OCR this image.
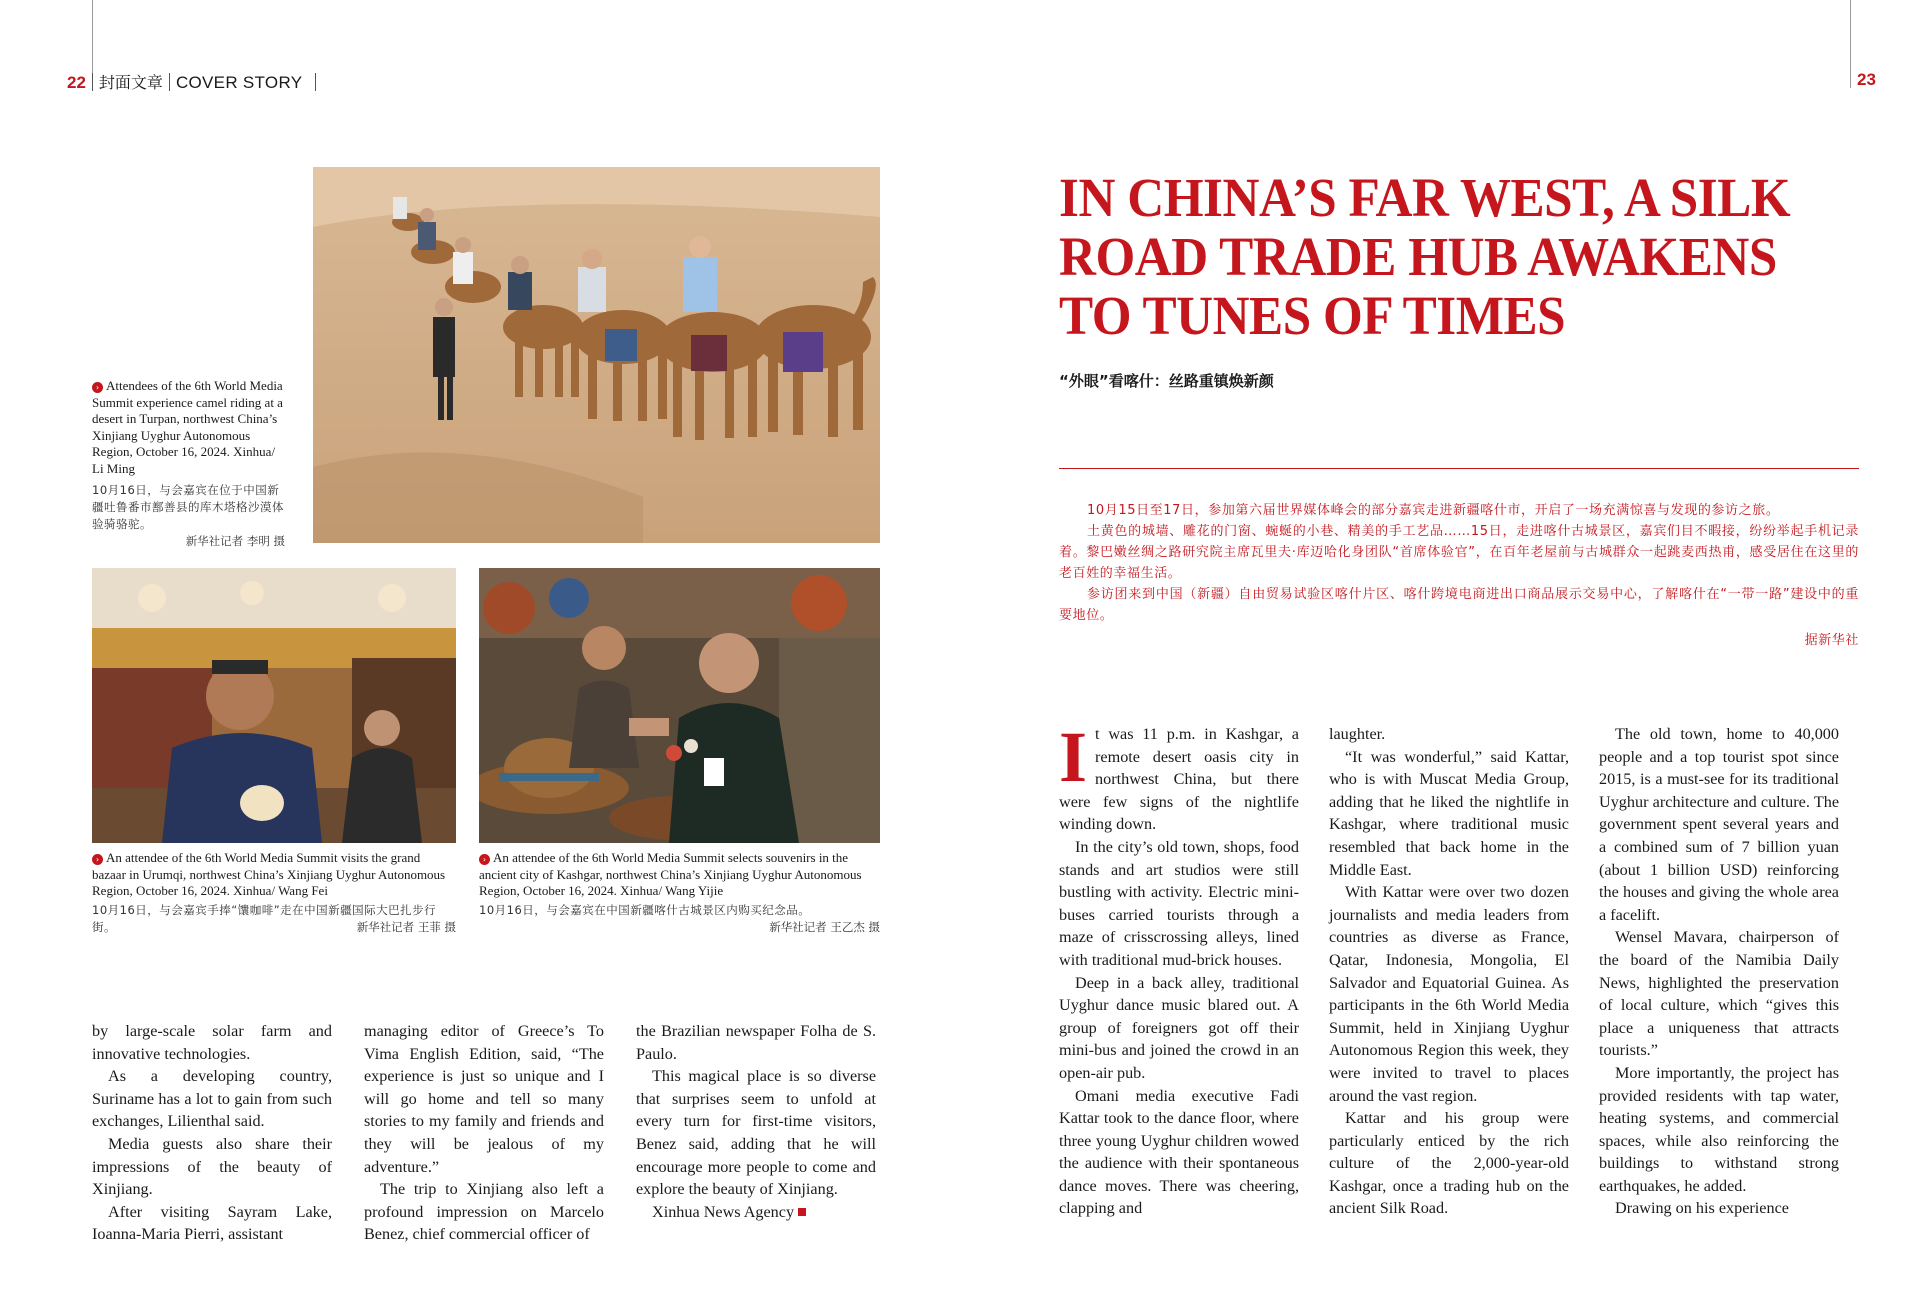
22 封面文章 COVER STORY	23
› Attendees of the 6th World Media Summit experience camel riding at a desert in Turpan, northwest China’s Xinjiang Uyghur Autonomous Region, October 16, 2024. Xinhua/ Li Ming
10月16日，与会嘉宾在位于中国新疆吐鲁番市鄯善县的库木塔格沙漠体验骑骆驼。
新华社记者 李明 摄
› An attendee of the 6th World Media Summit visits the grand bazaar in Urumqi, northwest China’s Xinjiang Uyghur Autonomous Region, October 16, 2024. Xinhua/ Wang Fei
10月16日，与会嘉宾手捧“馕咖啡”走在中国新疆国际大巴扎步行街。	新华社记者 王菲 摄
› An attendee of the 6th World Media Summit selects souvenirs in the ancient city of Kashgar, northwest China’s Xinjiang Uyghur Autonomous Region, October 16, 2024. Xinhua/ Wang Yijie
10月16日，与会嘉宾在中国新疆喀什古城景区内购买纪念品。
新华社记者 王乙杰 摄

by large-scale solar farm and innovative technologies.

As a developing country, Suriname has a lot to gain from such exchanges, Lilienthal said.

Media guests also share their impressions of the beauty of Xinjiang.

After visiting Sayram Lake, Ioanna-Maria Pierri, assistant

managing editor of Greece’s To Vima English Edition, said, “The experience is just so unique and I will go home and tell so many stories to my family and friends and they will be jealous of my adventure.”

The trip to Xinjiang also left a profound impression on Marcelo Benez, chief commercial officer of

the Brazilian newspaper Folha de S. Paulo.

This magical place is so diverse that surprises seem to unfold at every turn for first-time visitors, Benez said, adding that he will encourage more people to come and explore the beauty of Xinjiang.

Xinhua News Agency

IN CHINA’S FAR WEST, A SILK ROAD TRADE HUB AWAKENS TO TUNES OF TIMES
“外眼”看喀什：丝路重镇焕新颜

10月15日至17日，参加第六届世界媒体峰会的部分嘉宾走进新疆喀什市，开启了一场充满惊喜与发现的参访之旅。

土黄色的城墙、雕花的门窗、蜿蜒的小巷、精美的手工艺品……15日，走进喀什古城景区，嘉宾们目不暇接，纷纷举起手机记录着。黎巴嫩丝绸之路研究院主席瓦里夫·库迈哈化身团队“首席体验官”，在百年老屋前与古城群众一起跳麦西热甫，感受居住在这里的老百姓的幸福生活。

参访团来到中国（新疆）自由贸易试验区喀什片区、喀什跨境电商进出口商品展示交易中心，了解喀什在“一带一路”建设中的重要地位。

据新华社

It was 11 p.m. in Kashgar, a remote desert oasis city in northwest China, but there were few signs of the nightlife winding down.

In the city’s old town, shops, food stands and art studios were still bustling with activity. Electric mini-buses carried tourists through a maze of crisscrossing alleys, lined with traditional mud-brick houses.

Deep in a back alley, traditional Uyghur dance music blared out. A group of foreigners got off their mini-bus and joined the crowd in an open-air pub.

Omani media executive Fadi Kattar took to the dance floor, where three young Uyghur children wowed the audience with their spontaneous dance moves. There was cheering, clapping and

laughter.

“It was wonderful,” said Kattar, who is with Muscat Media Group, adding that he liked the nightlife in Kashgar, where traditional music resembled that back home in the Middle East.

With Kattar were over two dozen journalists and media leaders from countries as diverse as France, Qatar, Indonesia, Mongolia, El Salvador and Equatorial Guinea. As participants in the 6th World Media Summit, held in Xinjiang Uyghur Autonomous Region this week, they were invited to travel to places around the vast region.

Kattar and his group were particularly enticed by the rich culture of the 2,000-year-old Kashgar, once a trading hub on the ancient Silk Road.

The old town, home to 40,000 people and a top tourist spot since 2015, is a must-see for its traditional Uyghur architecture and culture. The government spent several years and a combined sum of 7 billion yuan (about 1 billion USD) reinforcing the houses and giving the whole area a facelift.

Wensel Mavara, chairperson of the board of the Namibia Daily News, highlighted the preservation of local culture, which “gives this place a uniqueness that attracts tourists.”

More importantly, the project has provided residents with tap water, heating systems, and commercial spaces, while also reinforcing the buildings to withstand strong earthquakes, he added.

Drawing on his experience
